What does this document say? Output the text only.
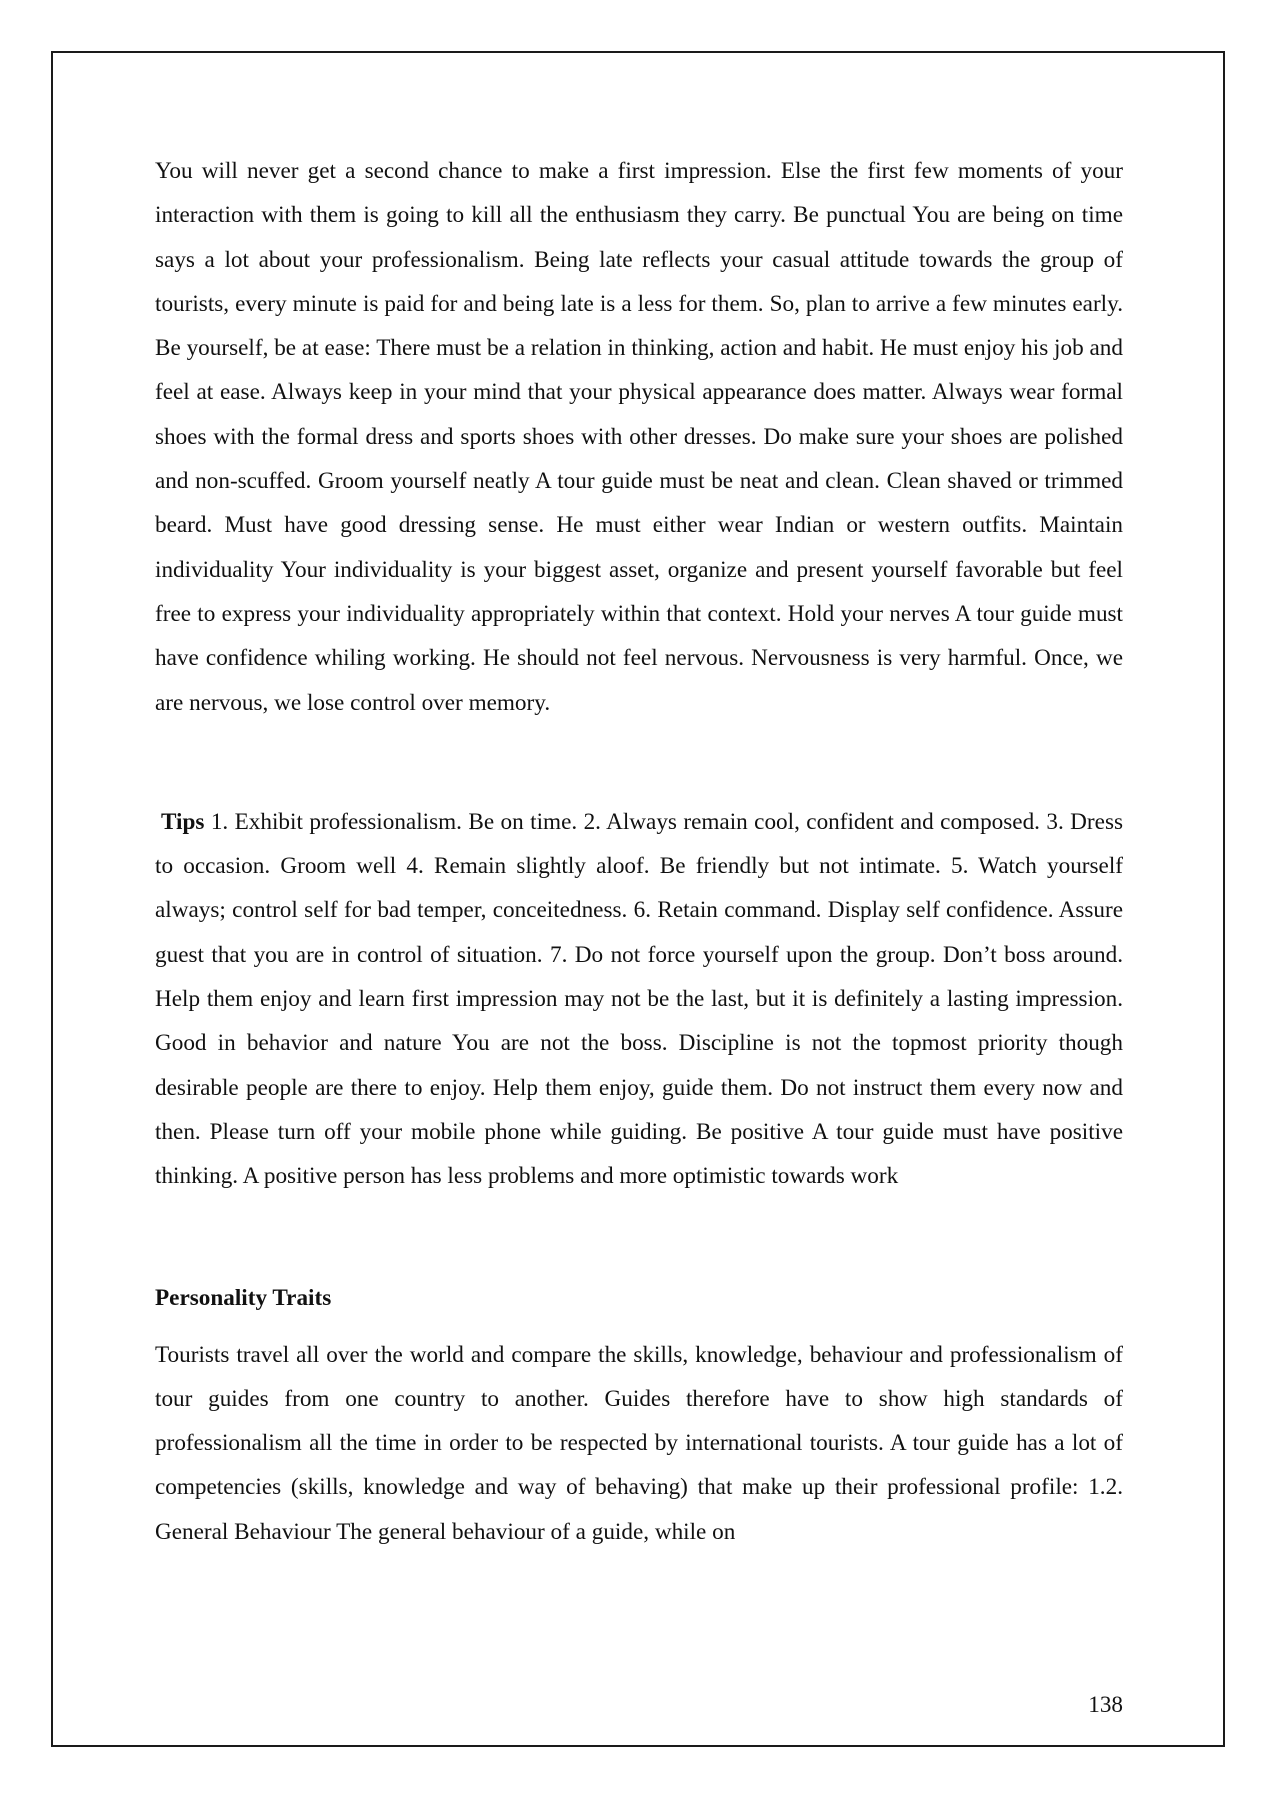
You will never get a second chance to make a first impression. Else the first few moments of your interaction with them is going to kill all the enthusiasm they carry. Be punctual You are being on time says a lot about your professionalism. Being late reflects your casual attitude towards the group of tourists, every minute is paid for and being late is a less for them. So, plan to arrive a few minutes early. Be yourself, be at ease: There must be a relation in thinking, action and habit. He must enjoy his job and feel at ease. Always keep in your mind that your physical appearance does matter. Always wear formal shoes with the formal dress and sports shoes with other dresses. Do make sure your shoes are polished and non-scuffed. Groom yourself neatly A tour guide must be neat and clean. Clean shaved or trimmed beard. Must have good dressing sense. He must either wear Indian or western outfits. Maintain individuality Your individuality is your biggest asset, organize and present yourself favorable but feel free to express your individuality appropriately within that context. Hold your nerves A tour guide must have confidence whiling working. He should not feel nervous. Nervousness is very harmful. Once, we are nervous, we lose control over memory.

Tips 1. Exhibit professionalism. Be on time. 2. Always remain cool, confident and composed. 3. Dress to occasion. Groom well 4. Remain slightly aloof. Be friendly but not intimate. 5. Watch yourself always; control self for bad temper, conceitedness. 6. Retain command. Display self confidence. Assure guest that you are in control of situation. 7. Do not force yourself upon the group. Don’t boss around. Help them enjoy and learn first impression may not be the last, but it is definitely a lasting impression. Good in behavior and nature You are not the boss. Discipline is not the topmost priority though desirable people are there to enjoy. Help them enjoy, guide them. Do not instruct them every now and then. Please turn off your mobile phone while guiding. Be positive A tour guide must have positive thinking. A positive person has less problems and more optimistic towards work

Personality Traits

Tourists travel all over the world and compare the skills, knowledge, behaviour and professionalism of tour guides from one country to another. Guides therefore have to show high standards of professionalism all the time in order to be respected by international tourists. A tour guide has a lot of competencies (skills, knowledge and way of behaving) that make up their professional profile: 1.2. General Behaviour The general behaviour of a guide, while on

138
